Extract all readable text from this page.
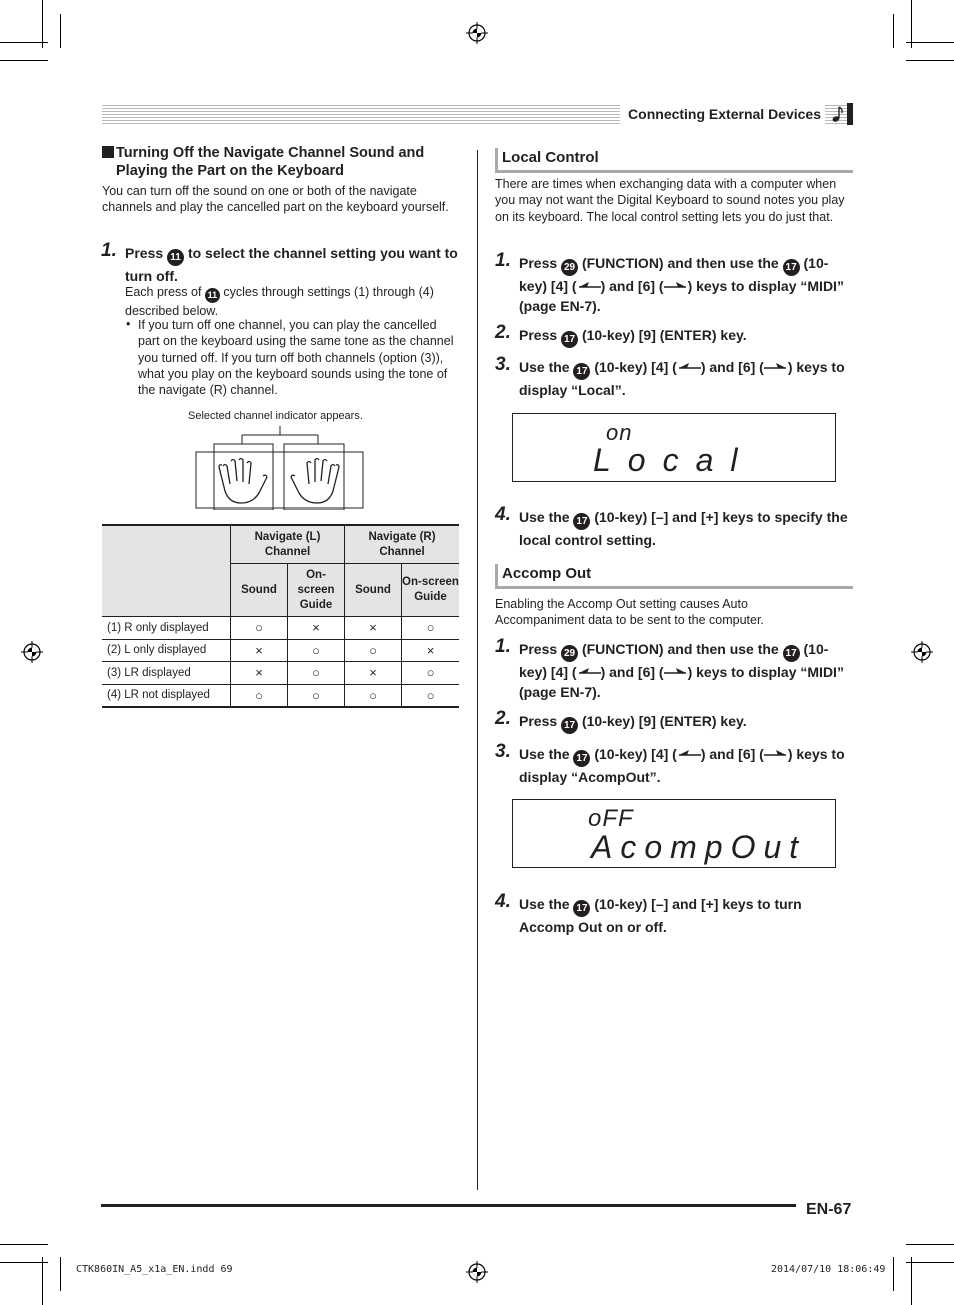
Connecting External Devices
Turning Off the Navigate Channel Sound and
Playing the Part on the Keyboard

You can turn off the sound on one or both of the navigate channels and play the cancelled part on the keyboard yourself.

1. Press 11 to select the channel setting you want to turn off.

Each press of 11 cycles through settings (1) through (4) described below.

• If you turn off one channel, you can play the cancelled part on the keyboard using the same tone as the channel you turned off. If you turn off both channels (option (3)), what you play on the keyboard sounds using the tone of the navigate (R) channel.

Selected channel indicator appears.
	Navigate (L) Channel		Navigate (R) Channel	
	Sound	On-screen Guide	Sound	On-screen Guide
(1) R only displayed	○	×	×	○
(2) L only displayed	×	○	○	×
(3) LR displayed	×	○	×	○
(4) LR not displayed	○	○	○	○
Local Control

There are times when exchanging data with a computer when you may not want the Digital Keyboard to sound notes you play on its keyboard. The local control setting lets you do just that.

1. Press 29 (FUNCTION) and then use the 17 (10-key) [4] ( ) and [6] ( ) keys to display “MIDI” (page EN-7).
2. Press 17 (10-key) [9] (ENTER) key.
3. Use the 17 (10-key) [4] ( ) and [6] ( ) keys to display “Local”.
on
Local
4. Use the 17 (10-key) [–] and [+] keys to specify the local control setting.
Accomp Out

Enabling the Accomp Out setting causes Auto Accompaniment data to be sent to the computer.

1. Press 29 (FUNCTION) and then use the 17 (10-key) [4] ( ) and [6] ( ) keys to display “MIDI” (page EN-7).
2. Press 17 (10-key) [9] (ENTER) key.
3. Use the 17 (10-key) [4] ( ) and [6] ( ) keys to display “AcompOut”.
oFF
AcompOut
4. Use the 17 (10-key) [–] and [+] keys to turn Accomp Out on or off.
EN-67
CTK860IN_A5_x1a_EN.indd 69	2014/07/10 18:06:49
